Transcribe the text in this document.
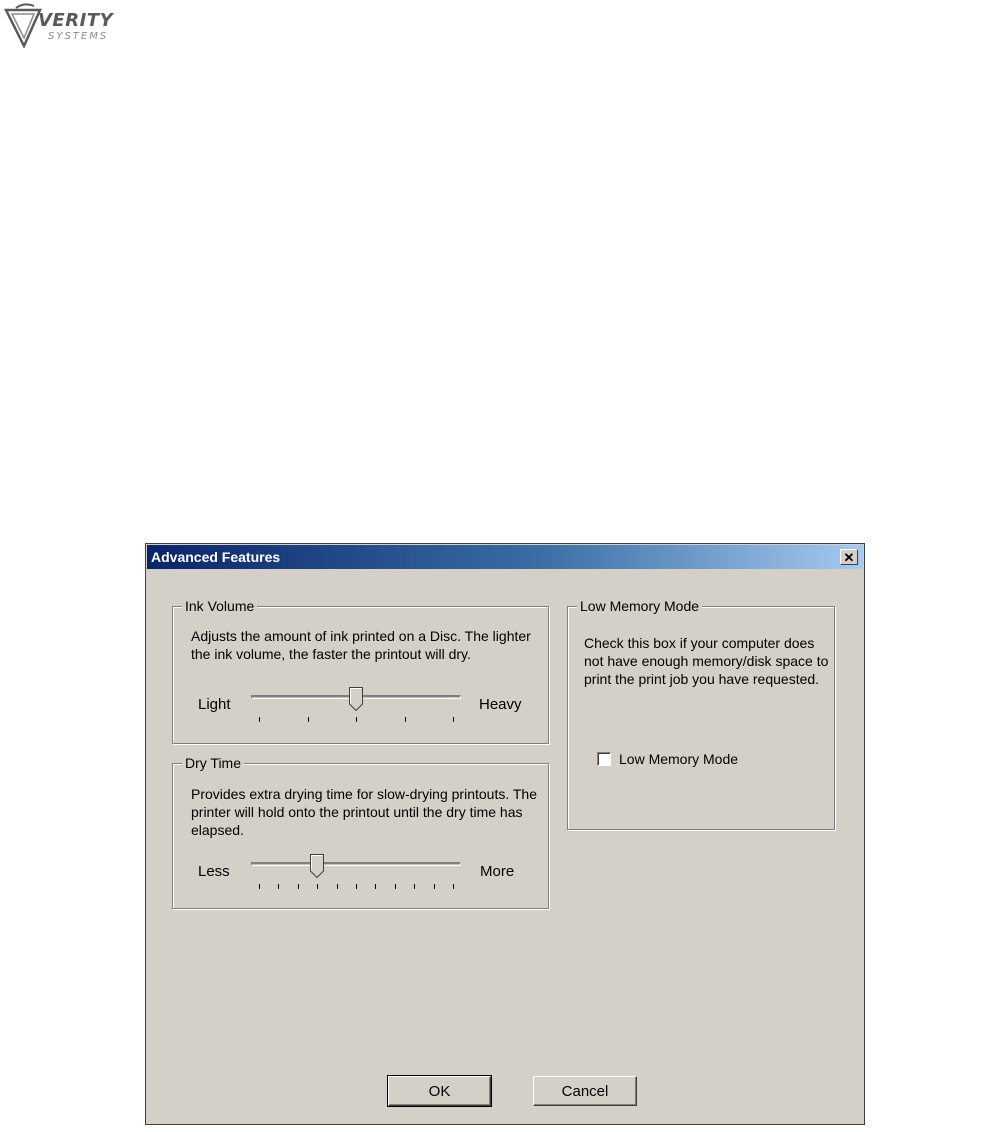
VERITY
SYSTEMS
Advanced Features	✕
Ink Volume
Adjusts the amount of ink printed on a Disc. The lighter the ink volume, the faster the printout will dry.
Light	Heavy
Dry Time
Provides extra drying time for slow-drying printouts. The printer will hold onto the printout until the dry time has elapsed.
Less	More
Low Memory Mode
Check this box if your computer does not have enough memory/disk space to print the print job you have requested.
Low Memory Mode
OK	Cancel
